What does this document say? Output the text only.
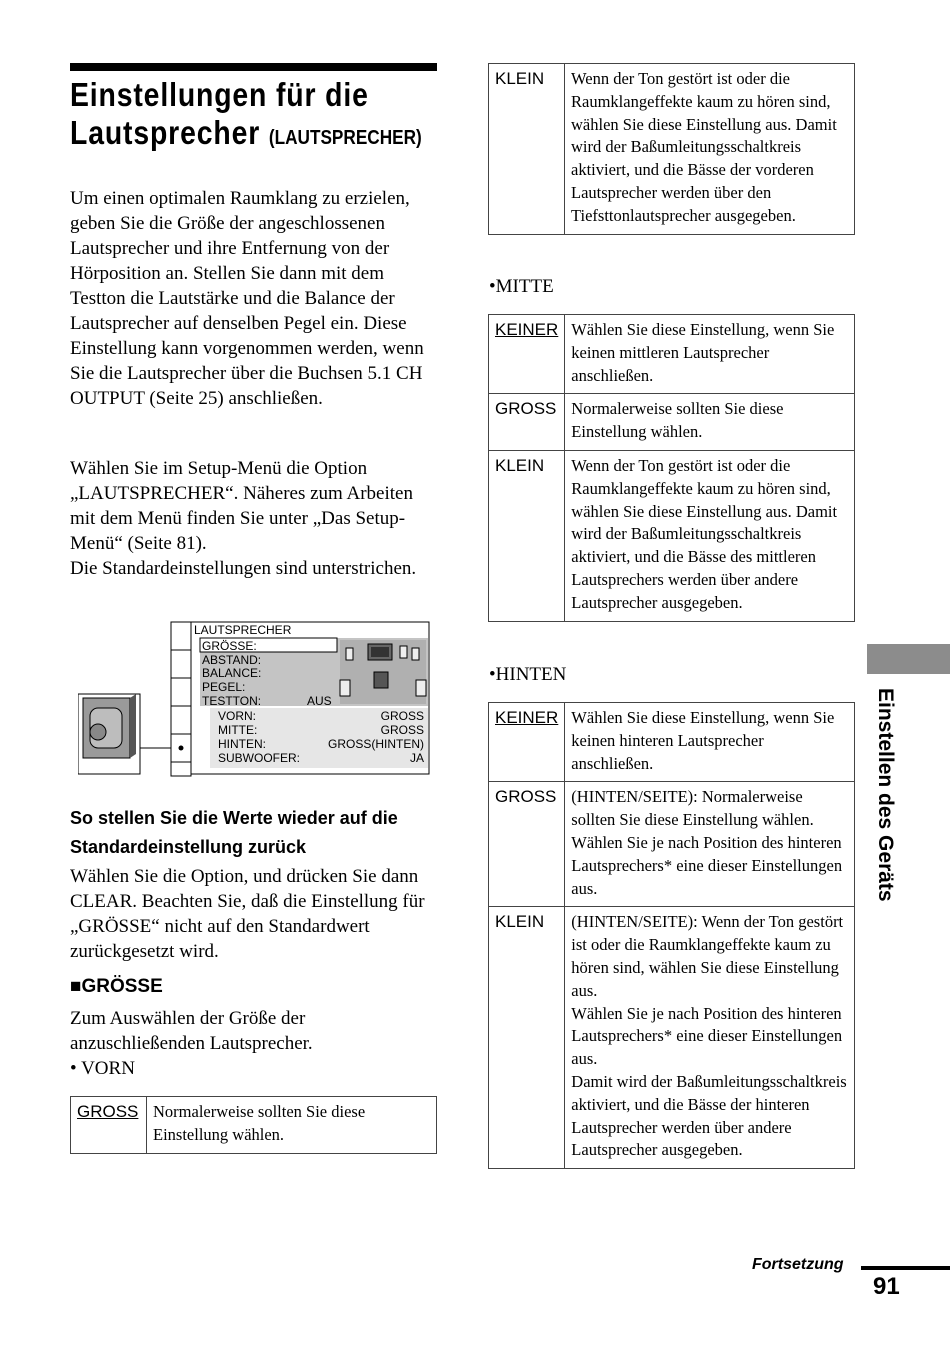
Einstellungen für die
Lautsprecher (LAUTSPRECHER)
Um einen optimalen Raumklang zu erzielen, geben Sie die Größe der angeschlossenen Lautsprecher und ihre Entfernung von der Hörposition an. Stellen Sie dann mit dem Testton die Lautstärke und die Balance der Lautsprecher auf denselben Pegel ein. Diese Einstellung kann vorgenommen werden, wenn Sie die Lautsprecher über die Buchsen 5.1 CH OUTPUT (Seite 25) anschließen.
Wählen Sie im Setup-Menü die Option „LAUTSPRECHER“. Näheres zum Arbeiten mit dem Menü finden Sie unter „Das Setup-Menü“ (Seite 81).
Die Standardeinstellungen sind unterstrichen.
LAUTSPRECHER
GRÖSSE:
ABSTAND:
BALANCE:
PEGEL:
TESTTON:	AUS
VORN:	GROSS
MITTE:	GROSS
HINTEN:	GROSS(HINTEN)
SUBWOOFER:	JA
So stellen Sie die Werte wieder auf die Standardeinstellung zurück
Wählen Sie die Option, und drücken Sie dann CLEAR. Beachten Sie, daß die Einstellung für „GRÖSSE“ nicht auf den Standardwert zurückgesetzt wird.
■GRÖSSE
Zum Auswählen der Größe der anzuschließenden Lautsprecher.
• VORN
GROSS	Normalerweise sollten Sie diese Einstellung wählen.
KLEIN	Wenn der Ton gestört ist oder die Raumklangeffekte kaum zu hören sind, wählen Sie diese Einstellung aus. Damit wird der Baßumleitungsschaltkreis aktiviert, und die Bässe der vorderen Lautsprecher werden über den Tiefsttonlautsprecher ausgegeben.
•MITTE
KEINER	Wählen Sie diese Einstellung, wenn Sie keinen mittleren Lautsprecher anschließen.
GROSS	Normalerweise sollten Sie diese Einstellung wählen.
KLEIN	Wenn der Ton gestört ist oder die Raumklangeffekte kaum zu hören sind, wählen Sie diese Einstellung aus. Damit wird der Baßumleitungsschaltkreis aktiviert, und die Bässe des mittleren Lautsprechers werden über andere Lautsprecher ausgegeben.
•HINTEN
KEINER	Wählen Sie diese Einstellung, wenn Sie keinen hinteren Lautsprecher anschließen.
GROSS	(HINTEN/SEITE): Normalerweise sollten Sie diese Einstellung wählen. Wählen Sie je nach Position des hinteren Lautsprechers* eine dieser Einstellungen aus.
KLEIN	(HINTEN/SEITE): Wenn der Ton gestört ist oder die Raumklangeffekte kaum zu hören sind, wählen Sie diese Einstellung aus.
Wählen Sie je nach Position des hinteren Lautsprechers* eine dieser Einstellungen aus.
Damit wird der Baßumleitungsschaltkreis aktiviert, und die Bässe der hinteren Lautsprecher werden über andere Lautsprecher ausgegeben.
Einstellen des Geräts
Fortsetzung
91
